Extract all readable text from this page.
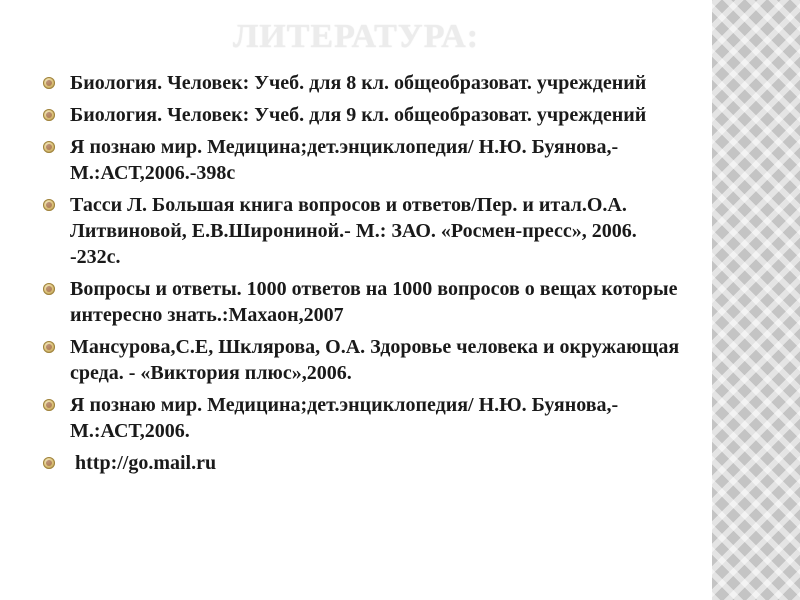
ЛИТЕРАТУРА:
Биология. Человек: Учеб. для 8 кл. общеобразоват. учреждений
Биология. Человек: Учеб. для 9 кл. общеобразоват. учреждений
Я познаю мир. Медицина;дет.энциклопедия/ Н.Ю. Буянова,-М.:АСТ,2006.-398с
Тасси Л. Большая книга вопросов и ответов/Пер. и итал.О.А. Литвиновой, Е.В.Широниной.- М.: ЗАО. «Росмен-пресс», 2006. -232с.
Вопросы и ответы. 1000 ответов на 1000 вопросов о вещах которые интересно знать.:Махаон,2007
Мансурова,С.Е, Шклярова, О.А. Здоровье человека и окружающая среда. - «Виктория плюс»,2006.
Я познаю мир. Медицина;дет.энциклопедия/ Н.Ю. Буянова,-М.:АСТ,2006.
http://go.mail.ru
